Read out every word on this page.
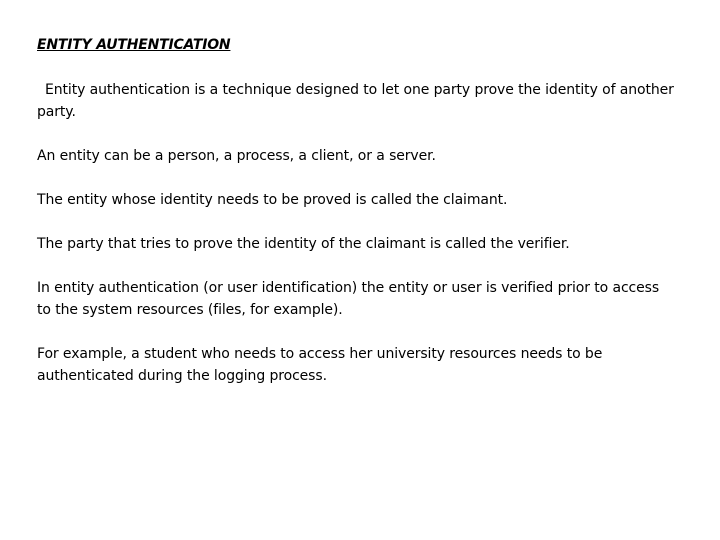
ENTITY AUTHENTICATION

Entity authentication is a technique designed to let one party prove the identity of another party.

An entity can be a person, a process, a client, or a server.

The entity whose identity needs to be proved is called the claimant.

The party that tries to prove the identity of the claimant is called the verifier.

In entity authentication (or user identification) the entity or user is verified prior to access to the system resources (files, for example).

For example, a student who needs to access her university resources needs to be authenticated during the logging process.
